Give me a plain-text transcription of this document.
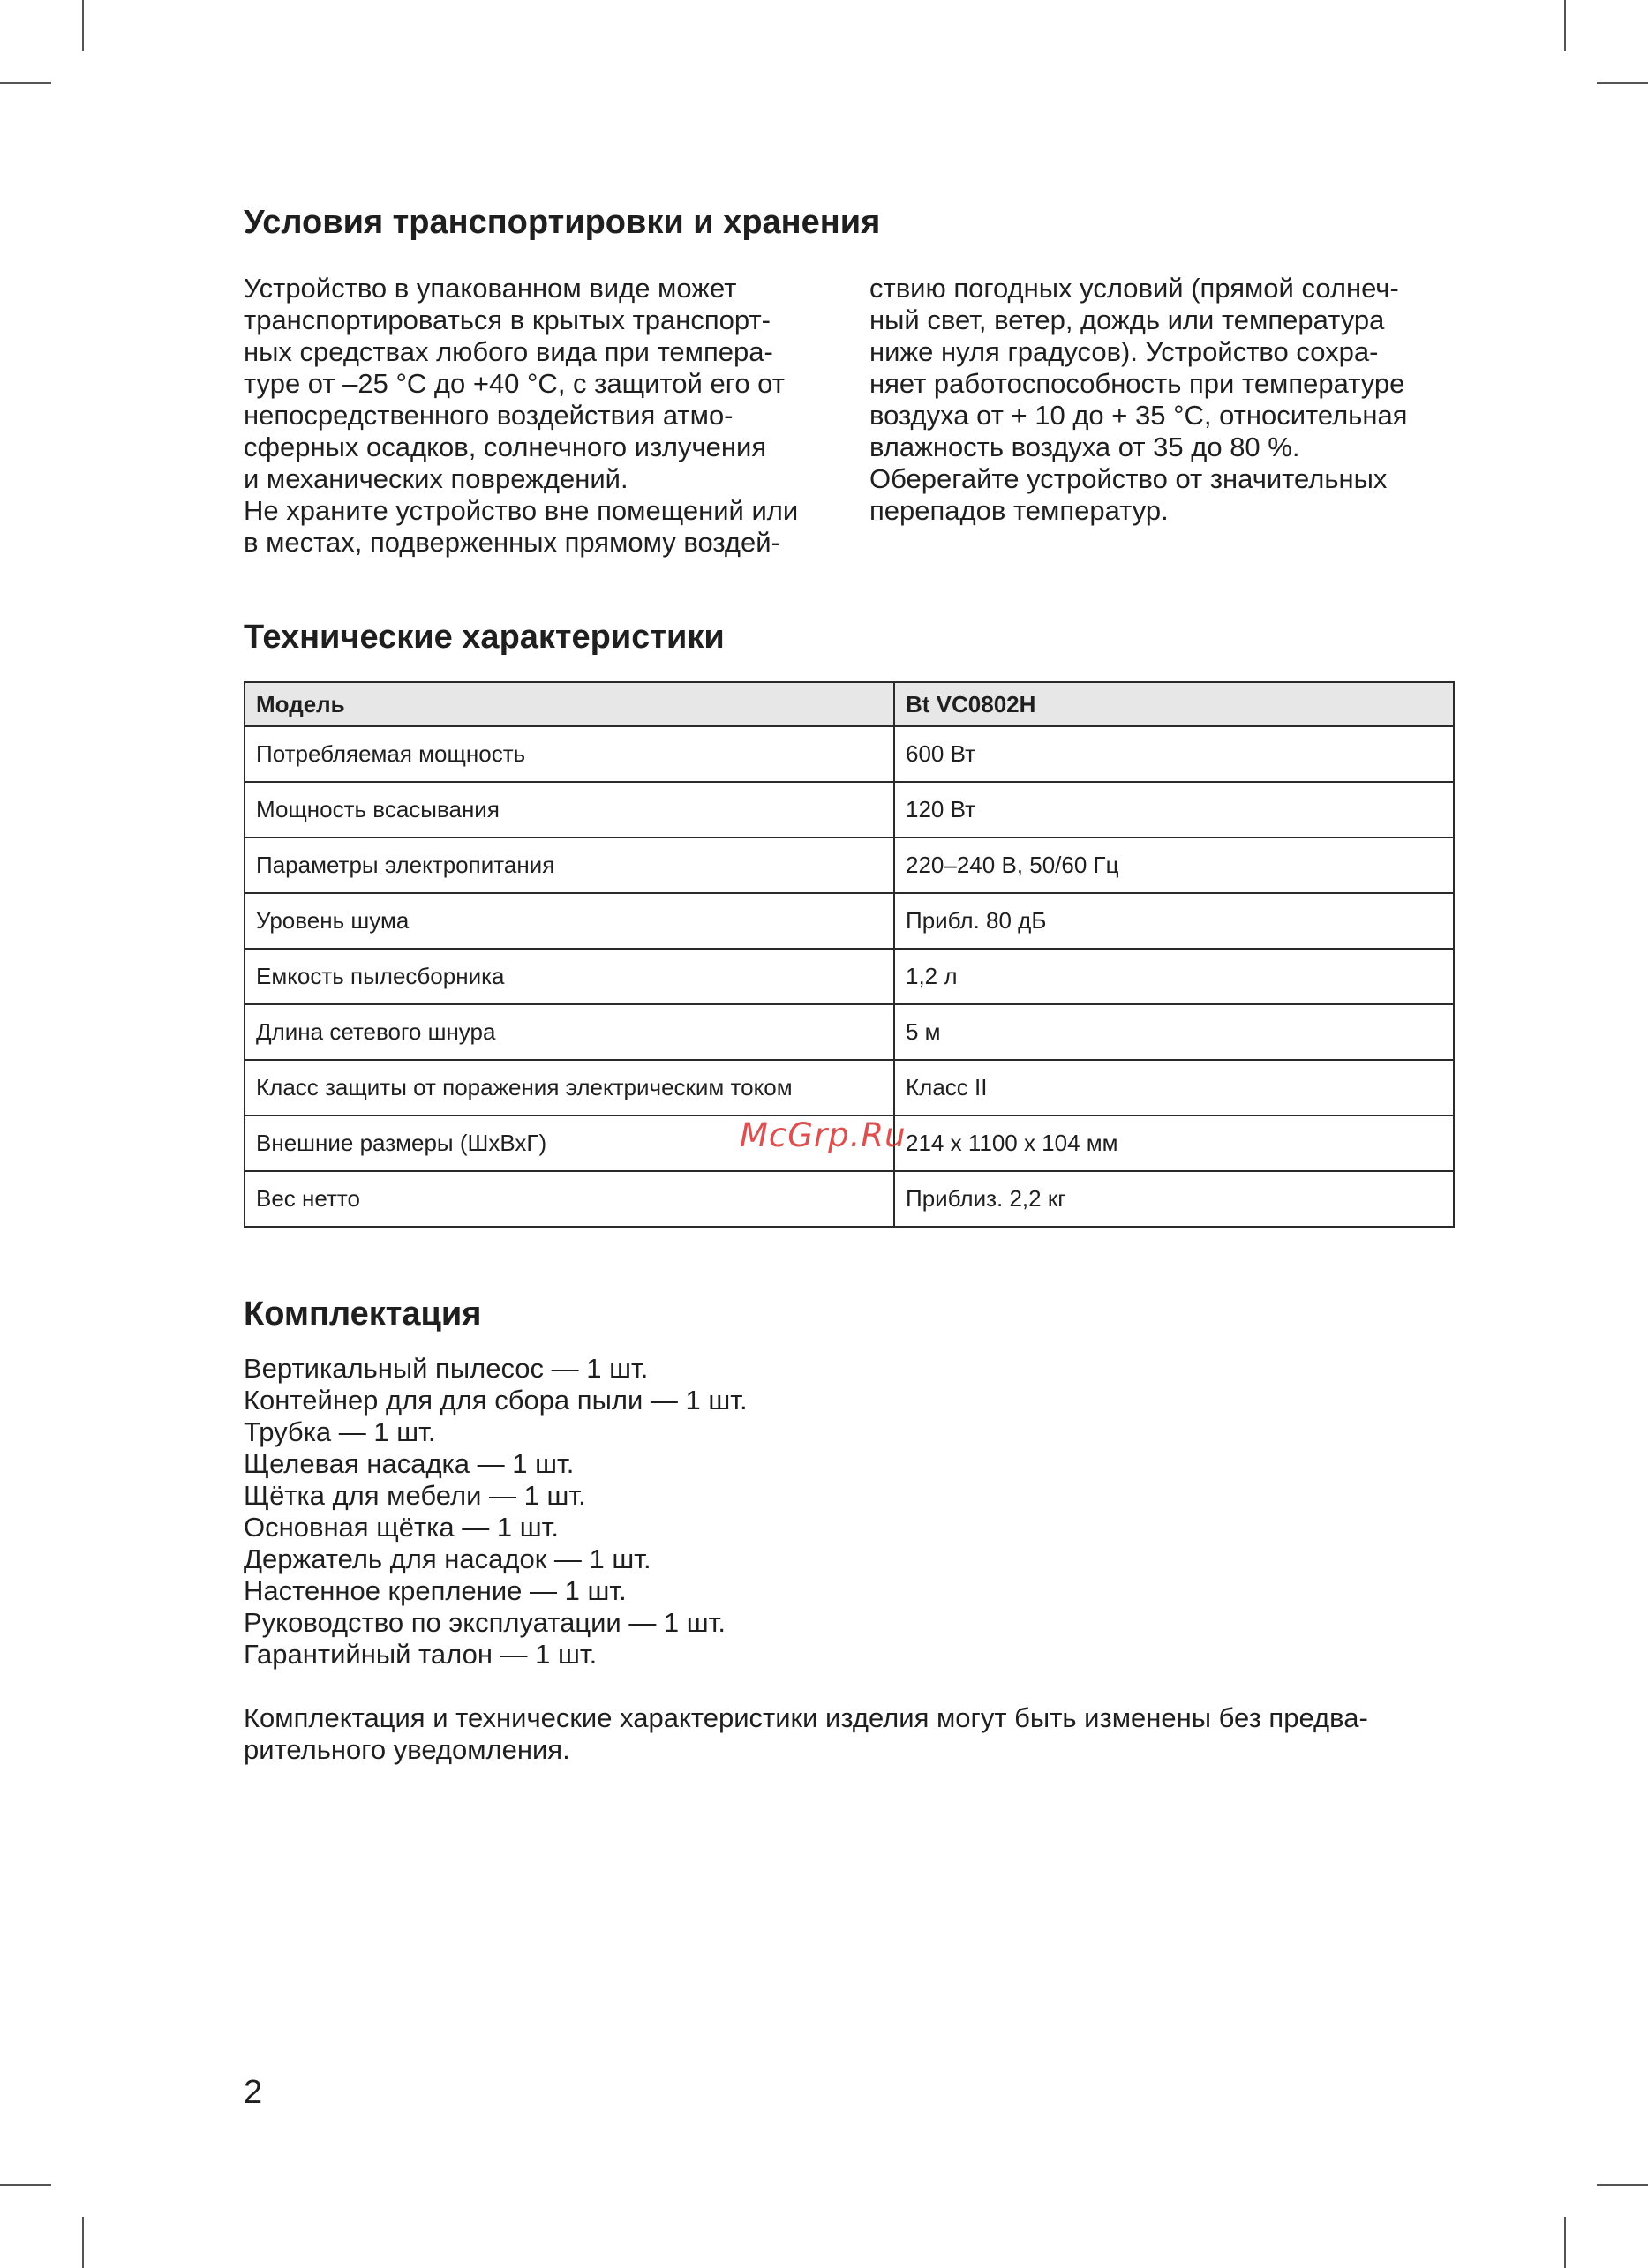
Условия транспортировки и хранения
Устройство в упакованном виде может
транспортироваться в крытых транспорт-
ных средствах любого вида при темпера-
туре от –25 °С до +40 °С, с защитой его от
непосредственного воздействия атмо-
сферных осадков, солнечного излучения
и механических повреждений.
Не храните устройство вне помещений или
в местах, подверженных прямому воздей-
ствию погодных условий (прямой солнеч-
ный свет, ветер, дождь или температура
ниже нуля градусов). Устройство сохра-
няет работоспособность при температуре
воздуха от + 10 до + 35 °С, относительная
влажность воздуха от 35 до 80 %.
Оберегайте устройство от значительных
перепадов температур.
Технические характеристики
Модель	Bt VC0802H
Потребляемая мощность	600 Вт
Мощность всасывания	120 Вт
Параметры электропитания	220–240 В, 50/60 Гц
Уровень шума	Прибл. 80 дБ
Емкость пылесборника	1,2 л
Длина сетевого шнура	5 м
Класс защиты от поражения электрическим током	Класс II
Внешние размеры (ШхВхГ)	214 x 1100 x 104 мм
Вес нетто	Приблиз. 2,2 кг
Комплектация
Вертикальный пылесос — 1 шт.
Контейнер для для сбора пыли — 1 шт.
Трубка — 1 шт.
Щелевая насадка — 1 шт.
Щётка для мебели — 1 шт.
Основная щётка — 1 шт.
Держатель для насадок — 1 шт.
Настенное крепление — 1 шт.
Руководство по эксплуатации — 1 шт.
Гарантийный талон — 1 шт.
Комплектация и технические характеристики изделия могут быть изменены без предва-
рительного уведомления.
McGrp.Ru
2
